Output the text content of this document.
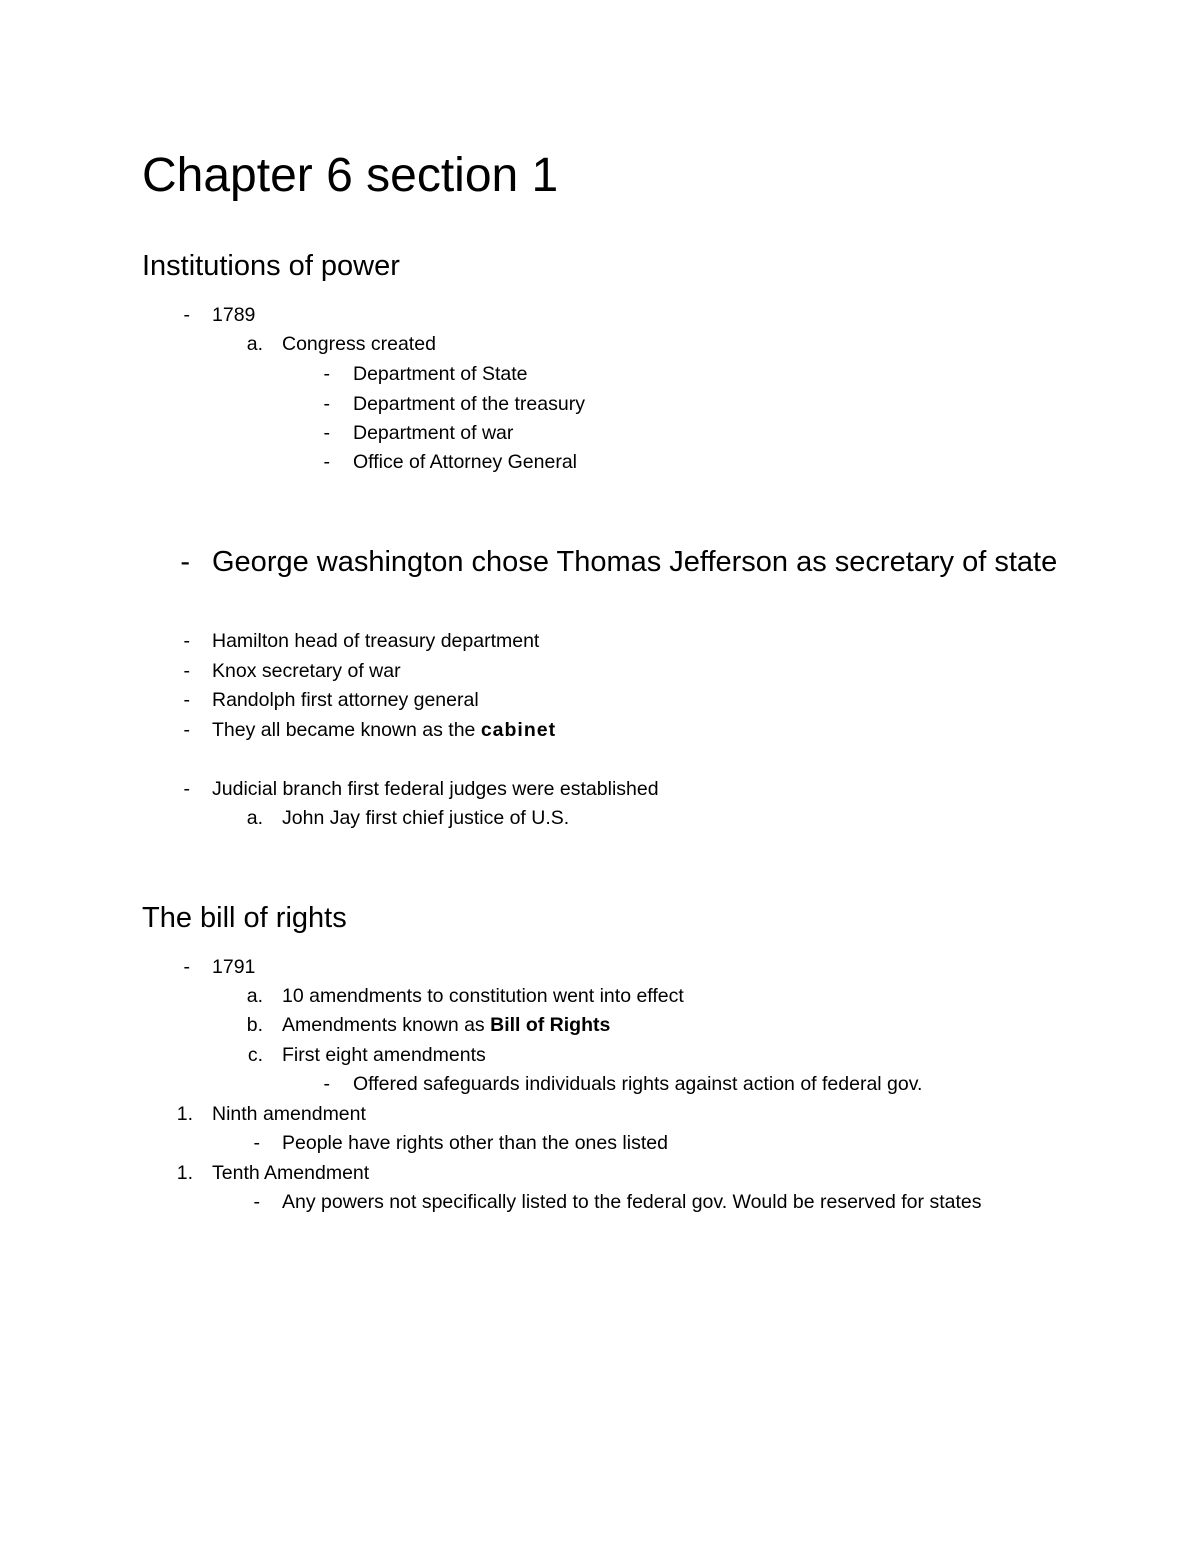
Chapter 6 section 1
Institutions of power
- 1789
a. Congress created
- Department of State
- Department of the treasury
- Department of war
- Office of Attorney General
- George washington chose Thomas Jefferson as secretary of state
- Hamilton head of treasury department
- Knox secretary of war
- Randolph first attorney general
- They all became known as the cabinet
- Judicial branch first federal judges were established
a. John Jay first chief justice of U.S.
The bill of rights
- 1791
a. 10 amendments to constitution went into effect
b. Amendments known as Bill of Rights
c. First eight amendments
- Offered safeguards individuals rights against action of federal gov.
1. Ninth amendment
- People have rights other than the ones listed
1. Tenth Amendment
- Any powers not specifically listed to the federal gov. Would be reserved for states
